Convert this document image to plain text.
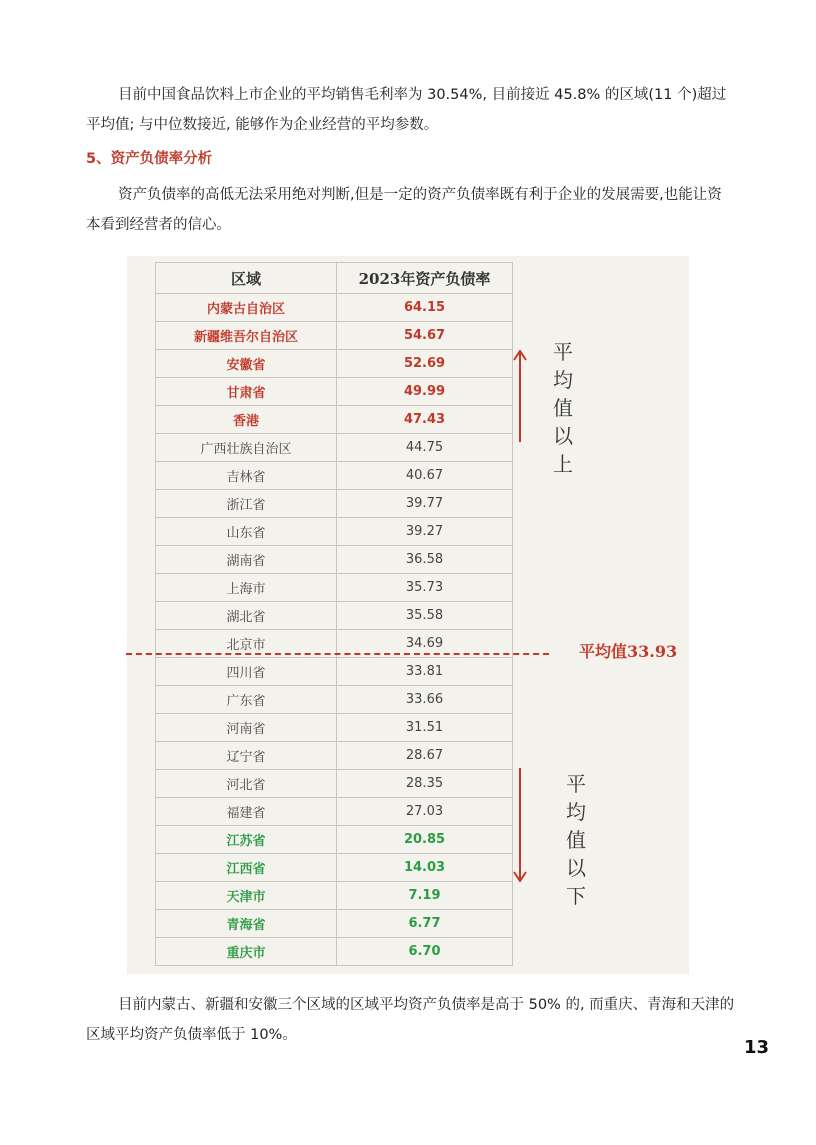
目前中国食品饮料上市企业的平均销售毛利率为 30.54%, 目前接近 45.8% 的区域(11 个)超过平均值; 与中位数接近, 能够作为企业经营的平均参数。

5、资产负债率分析

资产负债率的高低无法采用绝对判断,但是一定的资产负债率既有利于企业的发展需要,也能让资本看到经营者的信心。

区域	2023年资产负债率
内蒙古自治区	64.15
新疆维吾尔自治区	54.67
安徽省	52.69
甘肃省	49.99
香港	47.43
广西壮族自治区	44.75
吉林省	40.67
浙江省	39.77
山东省	39.27
湖南省	36.58
上海市	35.73
湖北省	35.58
北京市	34.69
四川省	33.81
广东省	33.66
河南省	31.51
辽宁省	28.67
河北省	28.35
福建省	27.03
江苏省	20.85
江西省	14.03
天津市	7.19
青海省	6.77
重庆市	6.70
平
均
值
以
上
平均值33.93
平
均
值
以
下

目前内蒙古、新疆和安徽三个区域的区域平均资产负债率是高于 50% 的, 而重庆、青海和天津的区域平均资产负债率低于 10%。

13
